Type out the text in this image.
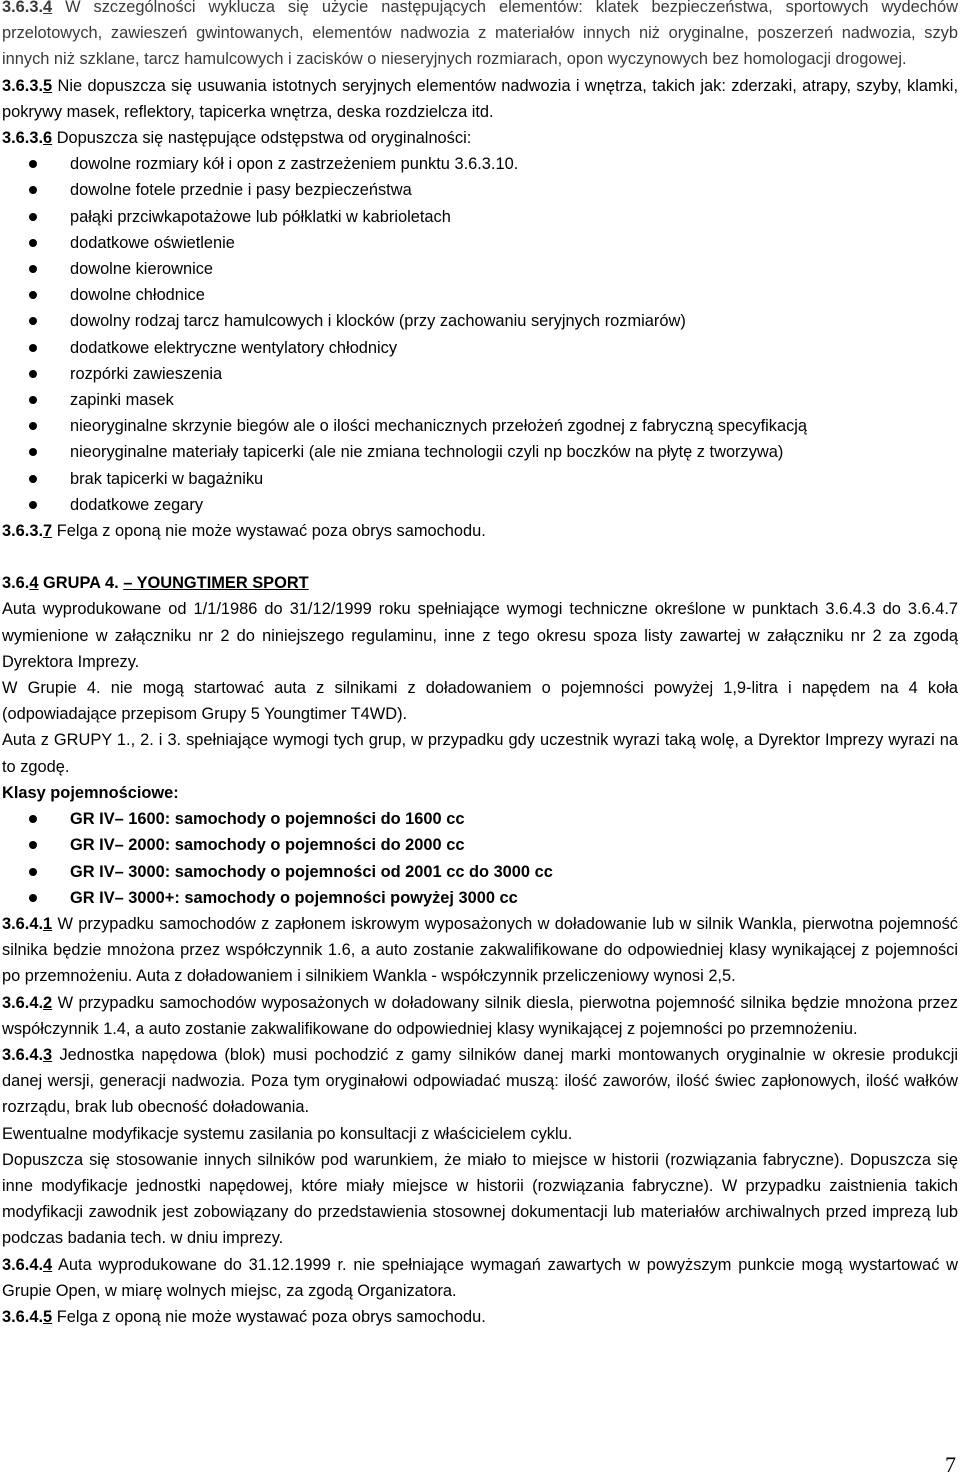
3.6.3.4 W szczególności wyklucza się użycie następujących elementów: klatek bezpieczeństwa, sportowych wydechów przelotowych, zawieszeń gwintowanych, elementów nadwozia z materiałów innych niż oryginalne, poszerzeń nadwozia, szyb innych niż szklane, tarcz hamulcowych i zacisków o nieseryjnych rozmiarach, opon wyczynowych bez homologacji drogowej.

3.6.3.5 Nie dopuszcza się usuwania istotnych seryjnych elementów nadwozia i wnętrza, takich jak: zderzaki, atrapy, szyby, klamki, pokrywy masek, reflektory, tapicerka wnętrza, deska rozdzielcza itd.

3.6.3.6 Dopuszcza się następujące odstępstwa od oryginalności:

dowolne rozmiary kół i opon z zastrzeżeniem punktu 3.6.3.10.
dowolne fotele przednie i pasy bezpieczeństwa
pałąki przciwkapotażowe lub półklatki w kabrioletach
dodatkowe oświetlenie
dowolne kierownice
dowolne chłodnice
dowolny rodzaj tarcz hamulcowych i klocków (przy zachowaniu seryjnych rozmiarów)
dodatkowe elektryczne wentylatory chłodnicy
rozpórki zawieszenia
zapinki masek
nieoryginalne skrzynie biegów ale o ilości mechanicznych przełożeń zgodnej z fabryczną specyfikacją
nieoryginalne materiały tapicerki (ale nie zmiana technologii czyli np boczków na płytę z tworzywa)
brak tapicerki w bagażniku
dodatkowe zegary

3.6.3.7 Felga z oponą nie może wystawać poza obrys samochodu.

3.6.4 GRUPA 4. – YOUNGTIMER SPORT

Auta wyprodukowane od 1/1/1986 do 31/12/1999 roku spełniające wymogi techniczne określone w punktach 3.6.4.3 do 3.6.4.7 wymienione w załączniku nr 2 do niniejszego regulaminu, inne z tego okresu spoza listy zawartej w załączniku nr 2 za zgodą Dyrektora Imprezy.

W Grupie 4. nie mogą startować auta z silnikami z doładowaniem o pojemności powyżej 1,9-litra i napędem na 4 koła (odpowiadające przepisom Grupy 5 Youngtimer T4WD).

Auta z GRUPY 1., 2. i 3. spełniające wymogi tych grup, w przypadku gdy uczestnik wyrazi taką wolę, a Dyrektor Imprezy wyrazi na to zgodę.

Klasy pojemnościowe:

GR IV– 1600: samochody o pojemności do 1600 cc
GR IV– 2000: samochody o pojemności do 2000 cc
GR IV– 3000: samochody o pojemności od 2001 cc do 3000 cc
GR IV– 3000+: samochody o pojemności powyżej 3000 cc

3.6.4.1 W przypadku samochodów z zapłonem iskrowym wyposażonych w doładowanie lub w silnik Wankla, pierwotna pojemność silnika będzie mnożona przez współczynnik 1.6, a auto zostanie zakwalifikowane do odpowiedniej klasy wynikającej z pojemności po przemnożeniu. Auta z doładowaniem i silnikiem Wankla - współczynnik przeliczeniowy wynosi 2,5.

3.6.4.2 W przypadku samochodów wyposażonych w doładowany silnik diesla, pierwotna pojemność silnika będzie mnożona przez współczynnik 1.4, a auto zostanie zakwalifikowane do odpowiedniej klasy wynikającej z pojemności po przemnożeniu.

3.6.4.3 Jednostka napędowa (blok) musi pochodzić z gamy silników danej marki montowanych oryginalnie w okresie produkcji danej wersji, generacji nadwozia. Poza tym oryginałowi odpowiadać muszą: ilość zaworów, ilość świec zapłonowych, ilość wałków rozrządu, brak lub obecność doładowania.

Ewentualne modyfikacje systemu zasilania po konsultacji z właścicielem cyklu.

Dopuszcza się stosowanie innych silników pod warunkiem, że miało to miejsce w historii (rozwiązania fabryczne). Dopuszcza się inne modyfikacje jednostki napędowej, które miały miejsce w historii (rozwiązania fabryczne). W przypadku zaistnienia takich modyfikacji zawodnik jest zobowiązany do przedstawienia stosownej dokumentacji lub materiałów archiwalnych przed imprezą lub podczas badania tech. w dniu imprezy.

3.6.4.4 Auta wyprodukowane do 31.12.1999 r. nie spełniające wymagań zawartych w powyższym punkcie mogą wystartować w Grupie Open, w miarę wolnych miejsc, za zgodą Organizatora.

3.6.4.5 Felga z oponą nie może wystawać poza obrys samochodu.

7
